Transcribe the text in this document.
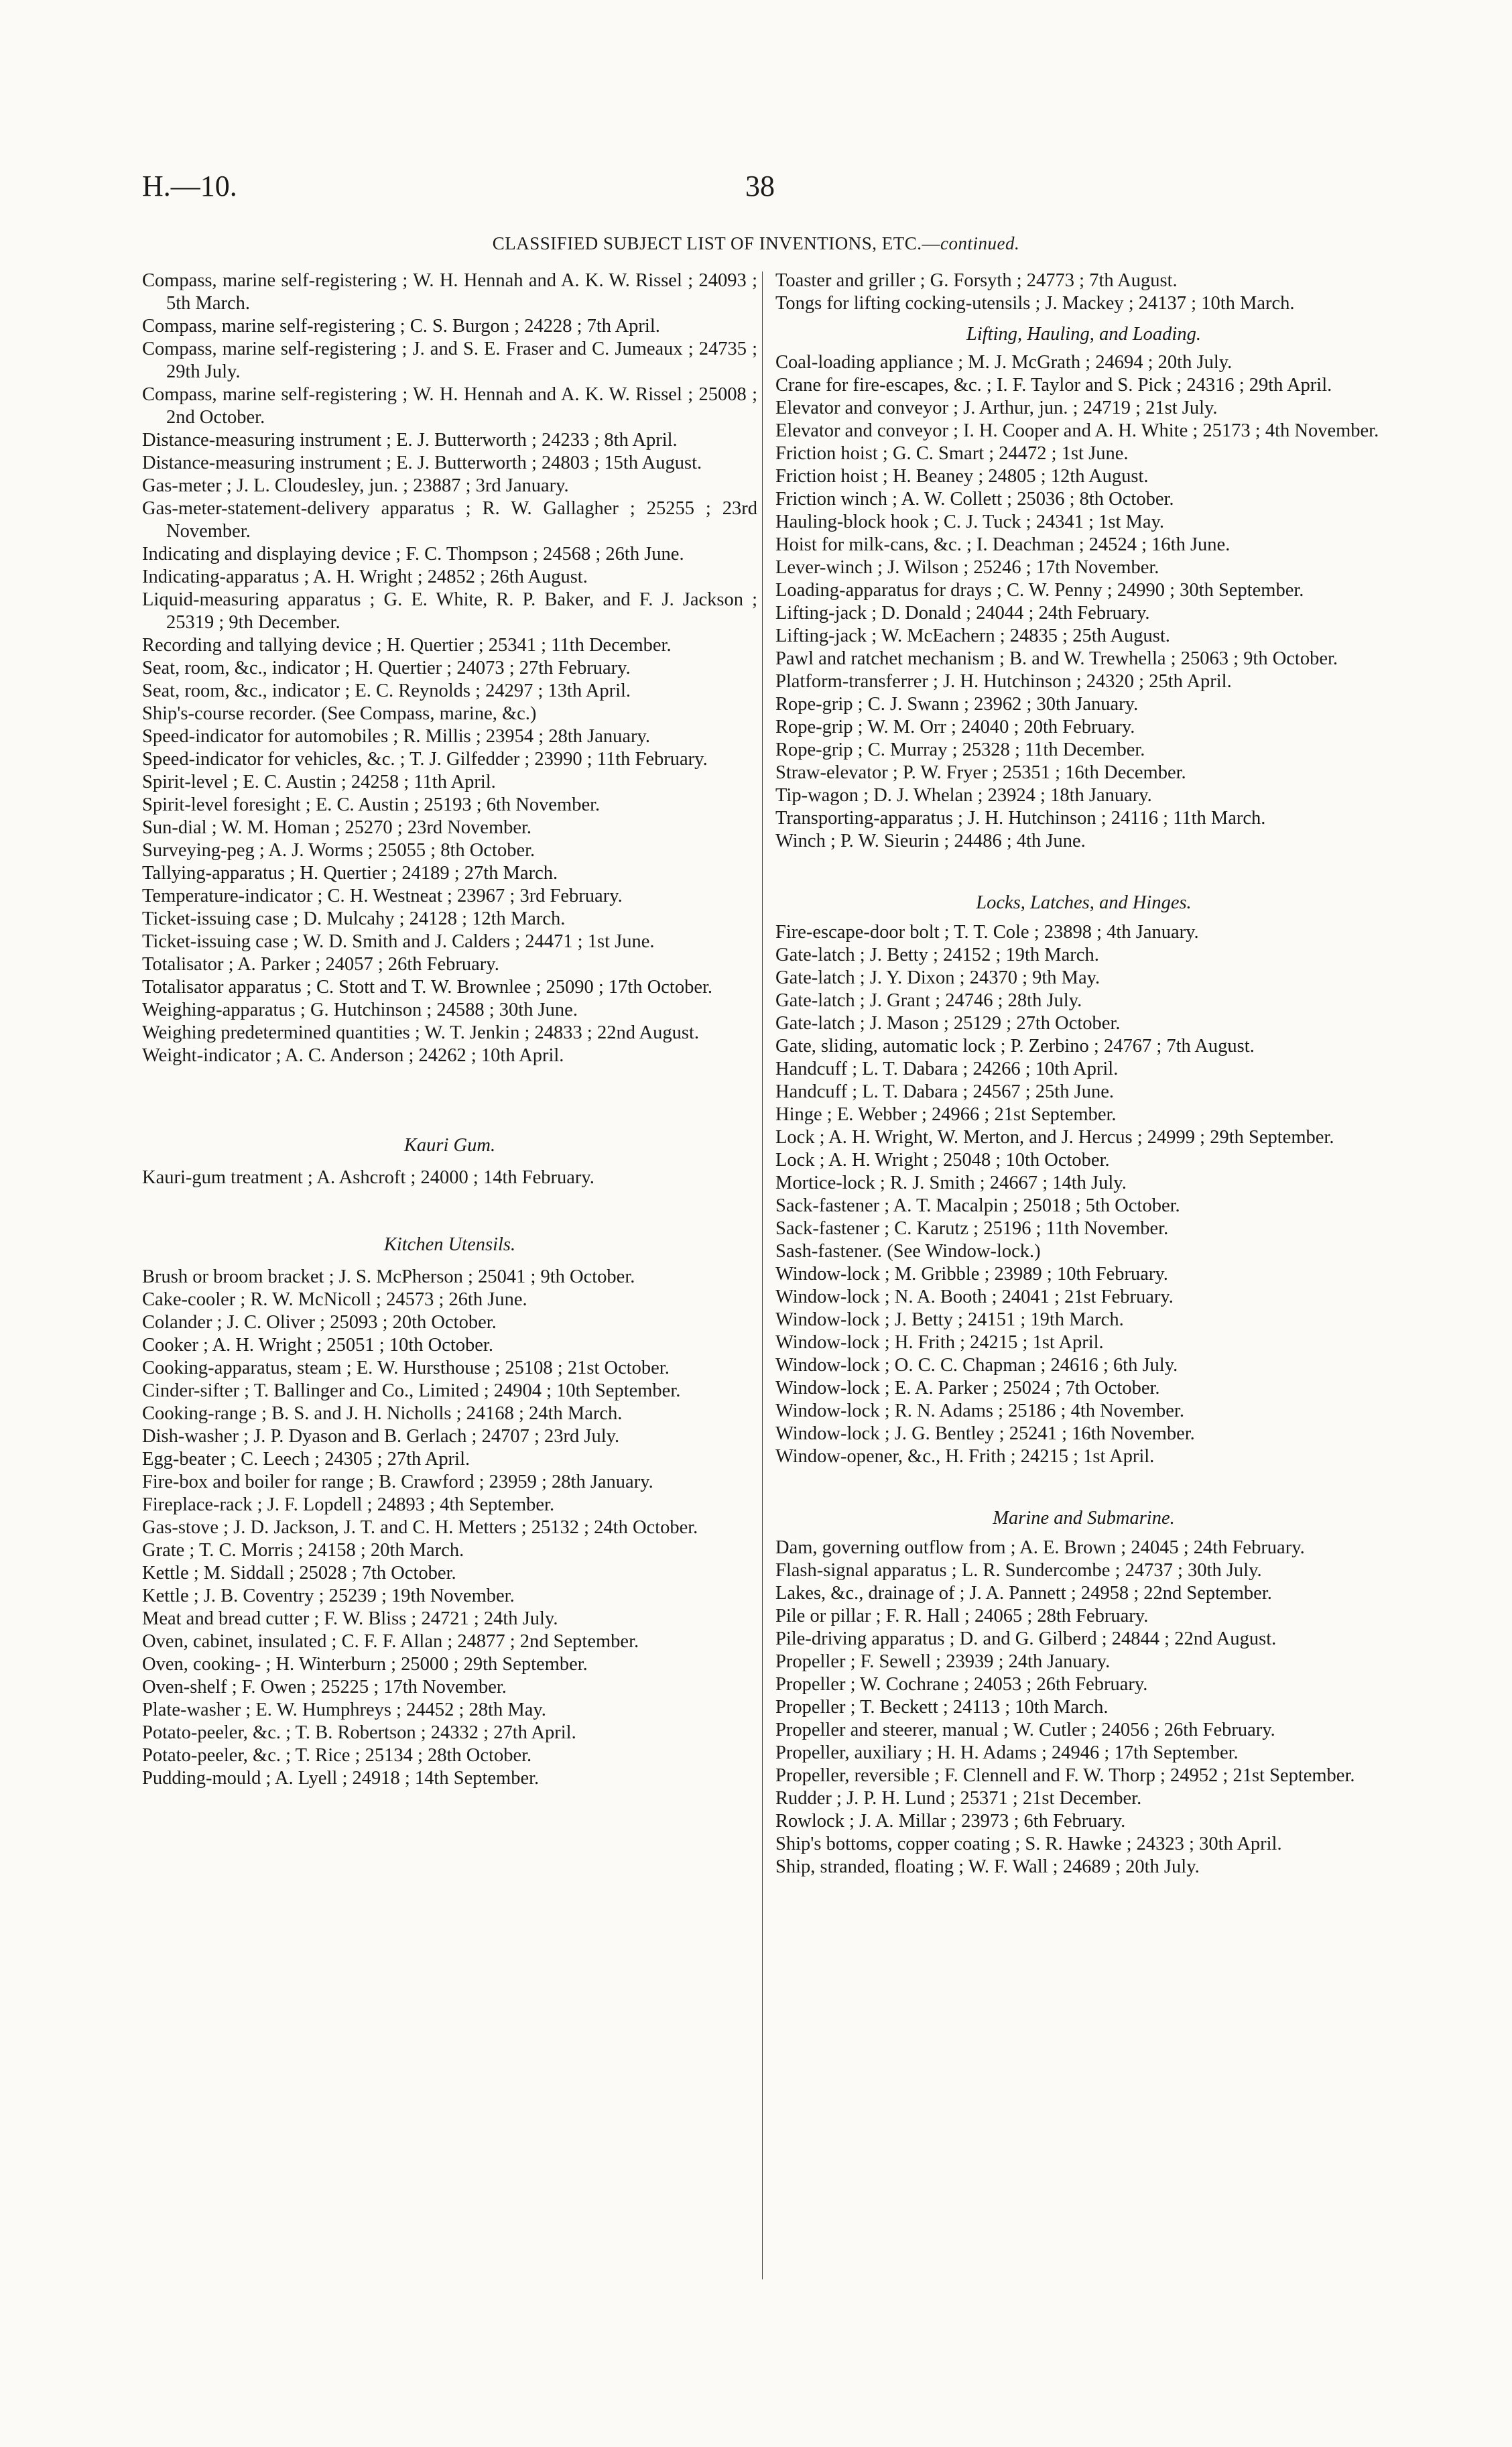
H.—10.	38
CLASSIFIED SUBJECT LIST OF INVENTIONS, ETC.—continued.

Compass, marine self-registering ; W. H. Hennah and A. K. W. Rissel ; 24093 ; 5th March.

Compass, marine self-registering ; C. S. Burgon ; 24228 ; 7th April.

Compass, marine self-registering ; J. and S. E. Fraser and C. Jumeaux ; 24735 ; 29th July.

Compass, marine self-registering ; W. H. Hennah and A. K. W. Rissel ; 25008 ; 2nd October.

Distance-measuring instrument ; E. J. Butterworth ; 24233 ; 8th April.

Distance-measuring instrument ; E. J. Butterworth ; 24803 ; 15th August.

Gas-meter ; J. L. Cloudesley, jun. ; 23887 ; 3rd January.

Gas-meter-statement-delivery apparatus ; R. W. Gallagher ; 25255 ; 23rd November.

Indicating and displaying device ; F. C. Thompson ; 24568 ; 26th June.

Indicating-apparatus ; A. H. Wright ; 24852 ; 26th August.

Liquid-measuring apparatus ; G. E. White, R. P. Baker, and F. J. Jackson ; 25319 ; 9th December.

Recording and tallying device ; H. Quertier ; 25341 ; 11th December.

Seat, room, &c., indicator ; H. Quertier ; 24073 ; 27th February.

Seat, room, &c., indicator ; E. C. Reynolds ; 24297 ; 13th April.

Ship's-course recorder. (See Compass, marine, &c.)

Speed-indicator for automobiles ; R. Millis ; 23954 ; 28th January.

Speed-indicator for vehicles, &c. ; T. J. Gilfedder ; 23990 ; 11th February.

Spirit-level ; E. C. Austin ; 24258 ; 11th April.

Spirit-level foresight ; E. C. Austin ; 25193 ; 6th November.

Sun-dial ; W. M. Homan ; 25270 ; 23rd November.

Surveying-peg ; A. J. Worms ; 25055 ; 8th October.

Tallying-apparatus ; H. Quertier ; 24189 ; 27th March.

Temperature-indicator ; C. H. Westneat ; 23967 ; 3rd February.

Ticket-issuing case ; D. Mulcahy ; 24128 ; 12th March.

Ticket-issuing case ; W. D. Smith and J. Calders ; 24471 ; 1st June.

Totalisator ; A. Parker ; 24057 ; 26th February.

Totalisator apparatus ; C. Stott and T. W. Brownlee ; 25090 ; 17th October.

Weighing-apparatus ; G. Hutchinson ; 24588 ; 30th June.

Weighing predetermined quantities ; W. T. Jenkin ; 24833 ; 22nd August.

Weight-indicator ; A. C. Anderson ; 24262 ; 10th April.

Kauri Gum.

Kauri-gum treatment ; A. Ashcroft ; 24000 ; 14th February.

Kitchen Utensils.

Brush or broom bracket ; J. S. McPherson ; 25041 ; 9th October.

Cake-cooler ; R. W. McNicoll ; 24573 ; 26th June.

Colander ; J. C. Oliver ; 25093 ; 20th October.

Cooker ; A. H. Wright ; 25051 ; 10th October.

Cooking-apparatus, steam ; E. W. Hursthouse ; 25108 ; 21st October.

Cinder-sifter ; T. Ballinger and Co., Limited ; 24904 ; 10th September.

Cooking-range ; B. S. and J. H. Nicholls ; 24168 ; 24th March.

Dish-washer ; J. P. Dyason and B. Gerlach ; 24707 ; 23rd July.

Egg-beater ; C. Leech ; 24305 ; 27th April.

Fire-box and boiler for range ; B. Crawford ; 23959 ; 28th January.

Fireplace-rack ; J. F. Lopdell ; 24893 ; 4th September.

Gas-stove ; J. D. Jackson, J. T. and C. H. Metters ; 25132 ; 24th October.

Grate ; T. C. Morris ; 24158 ; 20th March.

Kettle ; M. Siddall ; 25028 ; 7th October.

Kettle ; J. B. Coventry ; 25239 ; 19th November.

Meat and bread cutter ; F. W. Bliss ; 24721 ; 24th July.

Oven, cabinet, insulated ; C. F. F. Allan ; 24877 ; 2nd September.

Oven, cooking- ; H. Winterburn ; 25000 ; 29th September.

Oven-shelf ; F. Owen ; 25225 ; 17th November.

Plate-washer ; E. W. Humphreys ; 24452 ; 28th May.

Potato-peeler, &c. ; T. B. Robertson ; 24332 ; 27th April.

Potato-peeler, &c. ; T. Rice ; 25134 ; 28th October.

Pudding-mould ; A. Lyell ; 24918 ; 14th September.

Toaster and griller ; G. Forsyth ; 24773 ; 7th August.

Tongs for lifting cocking-utensils ; J. Mackey ; 24137 ; 10th March.

Lifting, Hauling, and Loading.

Coal-loading appliance ; M. J. McGrath ; 24694 ; 20th July.

Crane for fire-escapes, &c. ; I. F. Taylor and S. Pick ; 24316 ; 29th April.

Elevator and conveyor ; J. Arthur, jun. ; 24719 ; 21st July.

Elevator and conveyor ; I. H. Cooper and A. H. White ; 25173 ; 4th November.

Friction hoist ; G. C. Smart ; 24472 ; 1st June.

Friction hoist ; H. Beaney ; 24805 ; 12th August.

Friction winch ; A. W. Collett ; 25036 ; 8th October.

Hauling-block hook ; C. J. Tuck ; 24341 ; 1st May.

Hoist for milk-cans, &c. ; I. Deachman ; 24524 ; 16th June.

Lever-winch ; J. Wilson ; 25246 ; 17th November.

Loading-apparatus for drays ; C. W. Penny ; 24990 ; 30th September.

Lifting-jack ; D. Donald ; 24044 ; 24th February.

Lifting-jack ; W. McEachern ; 24835 ; 25th August.

Pawl and ratchet mechanism ; B. and W. Trewhella ; 25063 ; 9th October.

Platform-transferrer ; J. H. Hutchinson ; 24320 ; 25th April.

Rope-grip ; C. J. Swann ; 23962 ; 30th January.

Rope-grip ; W. M. Orr ; 24040 ; 20th February.

Rope-grip ; C. Murray ; 25328 ; 11th December.

Straw-elevator ; P. W. Fryer ; 25351 ; 16th December.

Tip-wagon ; D. J. Whelan ; 23924 ; 18th January.

Transporting-apparatus ; J. H. Hutchinson ; 24116 ; 11th March.

Winch ; P. W. Sieurin ; 24486 ; 4th June.

Locks, Latches, and Hinges.

Fire-escape-door bolt ; T. T. Cole ; 23898 ; 4th January.

Gate-latch ; J. Betty ; 24152 ; 19th March.

Gate-latch ; J. Y. Dixon ; 24370 ; 9th May.

Gate-latch ; J. Grant ; 24746 ; 28th July.

Gate-latch ; J. Mason ; 25129 ; 27th October.

Gate, sliding, automatic lock ; P. Zerbino ; 24767 ; 7th August.

Handcuff ; L. T. Dabara ; 24266 ; 10th April.

Handcuff ; L. T. Dabara ; 24567 ; 25th June.

Hinge ; E. Webber ; 24966 ; 21st September.

Lock ; A. H. Wright, W. Merton, and J. Hercus ; 24999 ; 29th September.

Lock ; A. H. Wright ; 25048 ; 10th October.

Mortice-lock ; R. J. Smith ; 24667 ; 14th July.

Sack-fastener ; A. T. Macalpin ; 25018 ; 5th October.

Sack-fastener ; C. Karutz ; 25196 ; 11th November.

Sash-fastener. (See Window-lock.)

Window-lock ; M. Gribble ; 23989 ; 10th February.

Window-lock ; N. A. Booth ; 24041 ; 21st February.

Window-lock ; J. Betty ; 24151 ; 19th March.

Window-lock ; H. Frith ; 24215 ; 1st April.

Window-lock ; O. C. C. Chapman ; 24616 ; 6th July.

Window-lock ; E. A. Parker ; 25024 ; 7th October.

Window-lock ; R. N. Adams ; 25186 ; 4th November.

Window-lock ; J. G. Bentley ; 25241 ; 16th November.

Window-opener, &c., H. Frith ; 24215 ; 1st April.

Marine and Submarine.

Dam, governing outflow from ; A. E. Brown ; 24045 ; 24th February.

Flash-signal apparatus ; L. R. Sundercombe ; 24737 ; 30th July.

Lakes, &c., drainage of ; J. A. Pannett ; 24958 ; 22nd September.

Pile or pillar ; F. R. Hall ; 24065 ; 28th February.

Pile-driving apparatus ; D. and G. Gilberd ; 24844 ; 22nd August.

Propeller ; F. Sewell ; 23939 ; 24th January.

Propeller ; W. Cochrane ; 24053 ; 26th February.

Propeller ; T. Beckett ; 24113 ; 10th March.

Propeller and steerer, manual ; W. Cutler ; 24056 ; 26th February.

Propeller, auxiliary ; H. H. Adams ; 24946 ; 17th September.

Propeller, reversible ; F. Clennell and F. W. Thorp ; 24952 ; 21st September.

Rudder ; J. P. H. Lund ; 25371 ; 21st December.

Rowlock ; J. A. Millar ; 23973 ; 6th February.

Ship's bottoms, copper coating ; S. R. Hawke ; 24323 ; 30th April.

Ship, stranded, floating ; W. F. Wall ; 24689 ; 20th July.
